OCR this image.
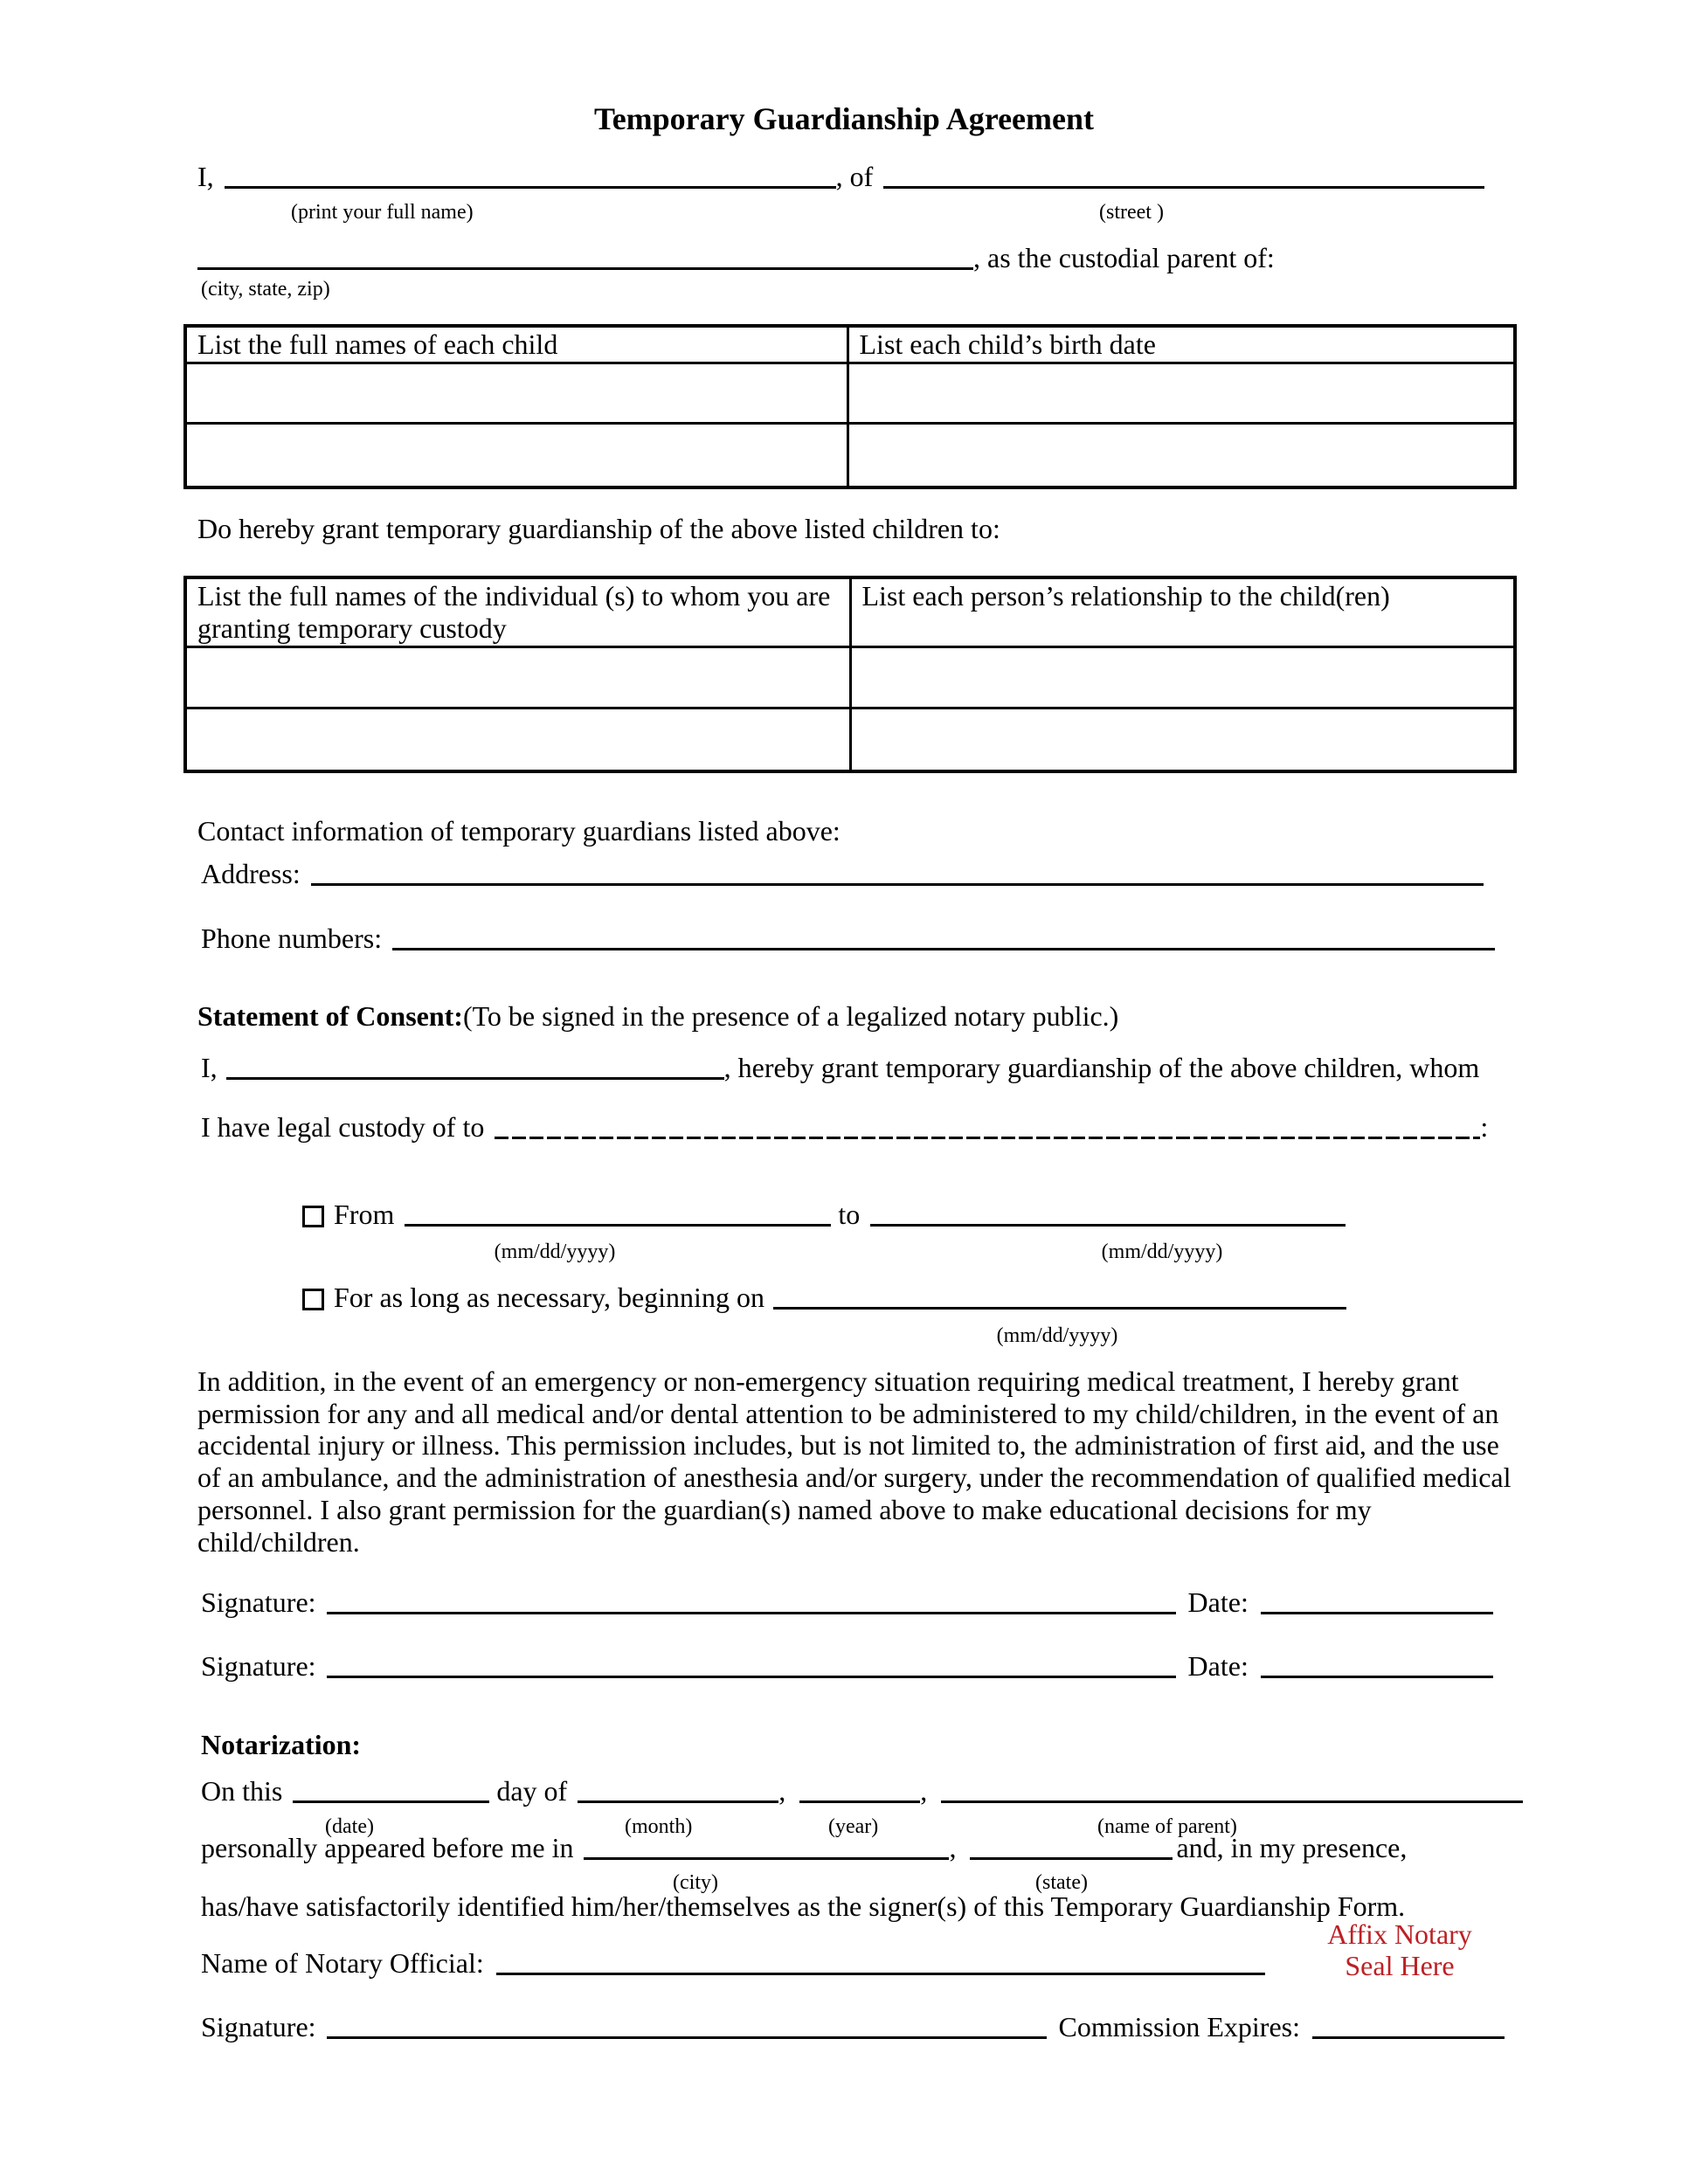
Temporary Guardianship Agreement
I,	, of
(print your full name)	(street )
, as the custodial parent of:
(city, state, zip)
List the full names of each child	List each child’s birth date

Do hereby grant temporary guardianship of the above listed children to:
List the full names of the individual (s) to whom you are granting temporary custody	List each person’s relationship to the child(ren)

Contact information of temporary guardians listed above:
Address:
Phone numbers:
Statement of Consent: (To be signed in the presence of a legalized notary public.)
I,	, hereby grant temporary guardianship of the above children, whom
I have legal custody of to	:
From	to
(mm/dd/yyyy)	(mm/dd/yyyy)
For as long as necessary, beginning on
(mm/dd/yyyy)
In addition, in the event of an emergency or non-emergency situation requiring medical treatment, I hereby grant permission for any and all medical and/or dental attention to be administered to my child/children, in the event of an accidental injury or illness. This permission includes, but is not limited to, the administration of first aid, and the use of an ambulance, and the administration of anesthesia and/or surgery, under the recommendation of qualified medical personnel. I also grant permission for the guardian(s) named above to make educational decisions for my child/children.
Signature:	Date:
Signature:	Date:
Notarization:
On this	day of	,	,
(date)	(month)	(year)	(name of parent)
personally appeared before me in	,	and, in my presence,
(city)	(state)
has/have satisfactorily identified him/her/themselves as the signer(s) of this Temporary Guardianship Form.
Affix Notary
Seal Here
Name of Notary Official:
Signature:	Commission Expires:
